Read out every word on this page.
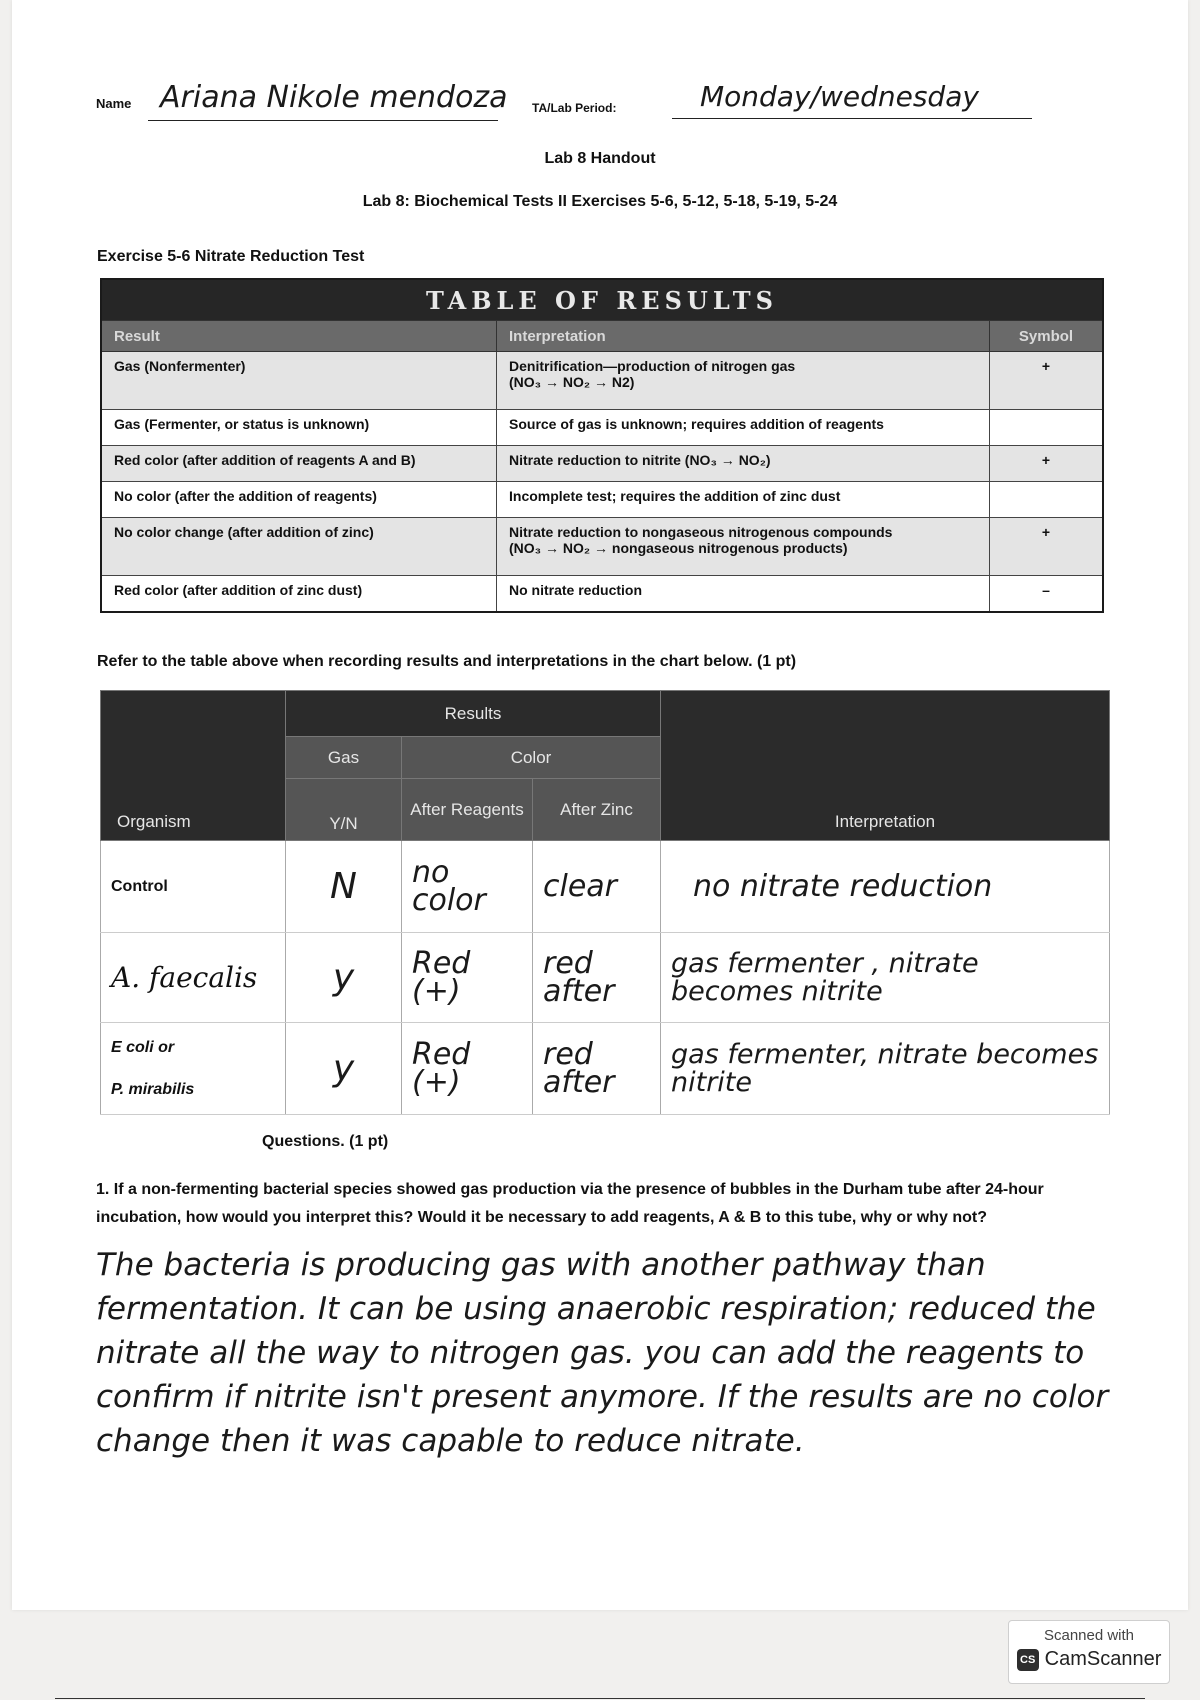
Name Ariana Nikole mendoza TA/Lab Period:	Monday/wednesday
Lab 8 Handout
Lab 8: Biochemical Tests II Exercises 5-6, 5-12, 5-18, 5-19, 5-24
Exercise 5-6 Nitrate Reduction Test
TABLE OF RESULTS		
Result	Interpretation	Symbol
Gas (Nonfermenter)	Denitrification—production of nitrogen gas
(NO₃ → NO₂ → N2)	+
Gas (Fermenter, or status is unknown)	Source of gas is unknown; requires addition of reagents	
Red color (after addition of reagents A and B)	Nitrate reduction to nitrite (NO₃ → NO₂)	+
No color (after the addition of reagents)	Incomplete test; requires the addition of zinc dust	
No color change (after addition of zinc)	Nitrate reduction to nongaseous nitrogenous compounds
(NO₃ → NO₂ → nongaseous nitrogenous products)	+
Red color (after addition of zinc dust)	No nitrate reduction	–
Refer to the table above when recording results and interpretations in the chart below. (1 pt)
Organism	Results			Interpretation
	Gas	Color		
	Y/N	After Reagents	After Zinc	
Control	N	no color	clear	no nitrate reduction
A. faecalis	y	Red (+)	red after	gas fermenter , nitrate becomes nitrite

E coli or
P. mirabilis	y	Red (+)	red after	gas fermenter, nitrate becomes nitrite
Questions. (1 pt)
1. If a non-fermenting bacterial species showed gas production via the presence of bubbles in the Durham tube after 24-hour incubation, how would you interpret this? Would it be necessary to add reagents, A & B to this tube, why or why not?
The bacteria is producing gas with another pathway than fermentation. It can be using anaerobic respiration; reduced the nitrate all the way to nitrogen gas. you can add the reagents to confirm if nitrite isn't present anymore. If the results are no color change then it was capable to reduce nitrate.
Scanned with
CS CamScanner
